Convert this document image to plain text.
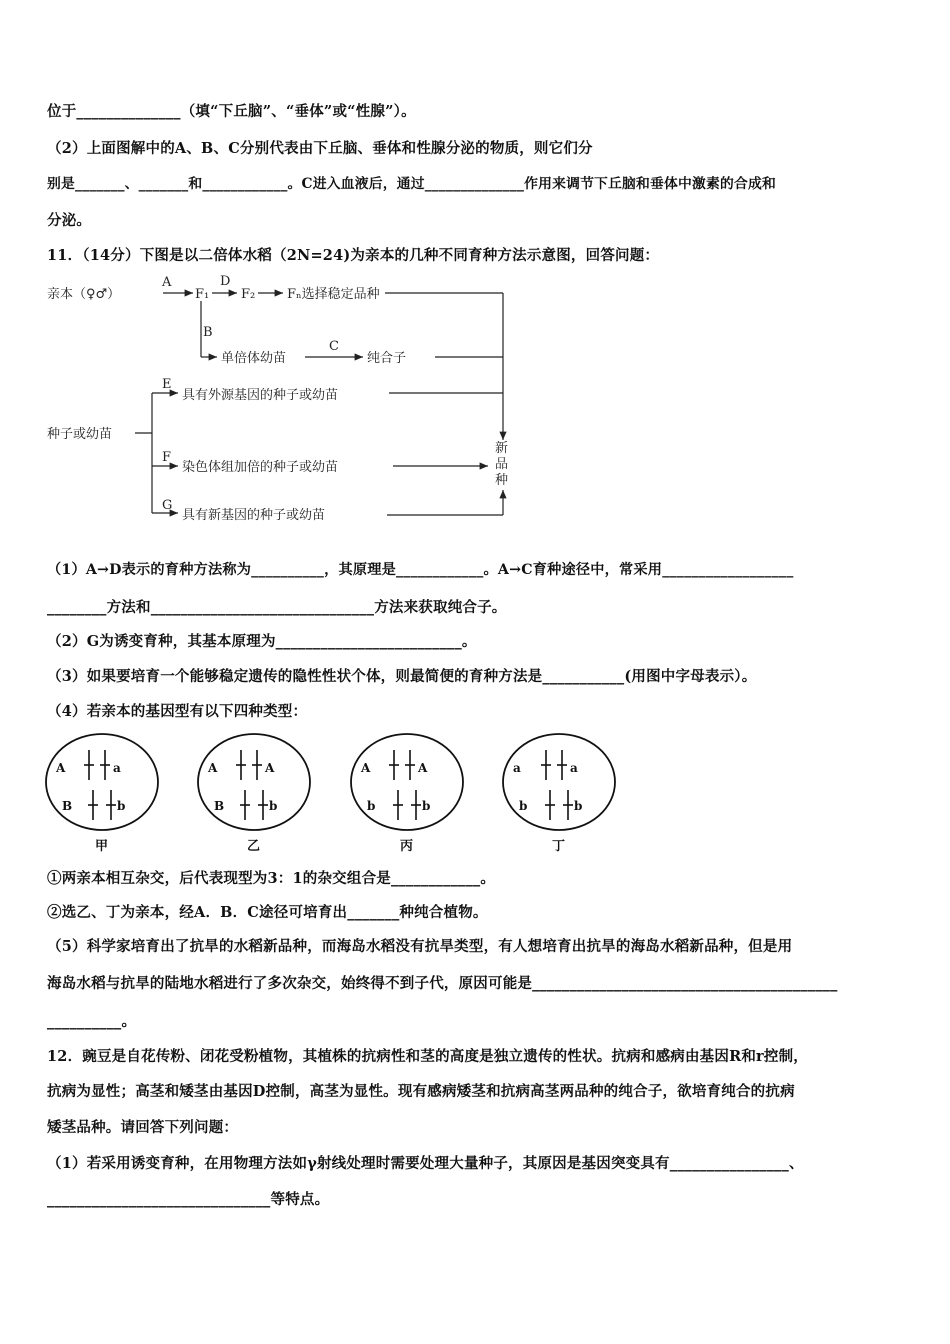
位于______________（填“下丘脑”、“垂体”或“性腺”）。
（2）上面图解中的A、B、C分别代表由下丘脑、垂体和性腺分泌的物质，则它们分
别是_______、_______和____________。C进入血液后，通过______________作用来调节下丘脑和垂体中激素的合成和
分泌。
11．（14分）下图是以二倍体水稻（2N=24)为亲本的几种不同育种方法示意图，回答问题：
亲本（♀♂）
A
F₁
D
F₂ Fₙ选择稳定品种
B
单倍体幼苗
C
纯合子
E
具有外源基因的种子或幼苗
种子或幼苗
F
染色体组加倍的种子或幼苗
G
具有新基因的种子或幼苗
新
品
种
（1）A→D表示的育种方法称为__________，其原理是____________。A→C育种途径中，常采用__________________
________方法和______________________________方法来获取纯合子。
（2）G为诱变育种，其基本原理为_________________________。
（3）如果要培育一个能够稳定遗传的隐性性状个体，则最简便的育种方法是___________(用图中字母表示）。
（4）若亲本的基因型有以下四种类型：
A	a
B	b
甲
A	A
B	b
乙
A	A
b	b
丙
a	a
b	b
丁
①两亲本相互杂交，后代表现型为3：1的杂交组合是____________。
②选乙、丁为亲本，经A．B．C途径可培育出_______种纯合植物。
（5）科学家培育出了抗旱的水稻新品种，而海岛水稻没有抗旱类型，有人想培育出抗旱的海岛水稻新品种，但是用
海岛水稻与抗旱的陆地水稻进行了多次杂交，始终得不到子代，原因可能是_________________________________________
__________。
12．豌豆是自花传粉、闭花受粉植物，其植株的抗病性和茎的高度是独立遗传的性状。抗病和感病由基因R和r控制，
抗病为显性；高茎和矮茎由基因D控制，高茎为显性。现有感病矮茎和抗病高茎两品种的纯合子，欲培育纯合的抗病
矮茎品种。请回答下列问题：
（1）若采用诱变育种，在用物理方法如γ射线处理时需要处理大量种子，其原因是基因突变具有________________、
______________________________等特点。
